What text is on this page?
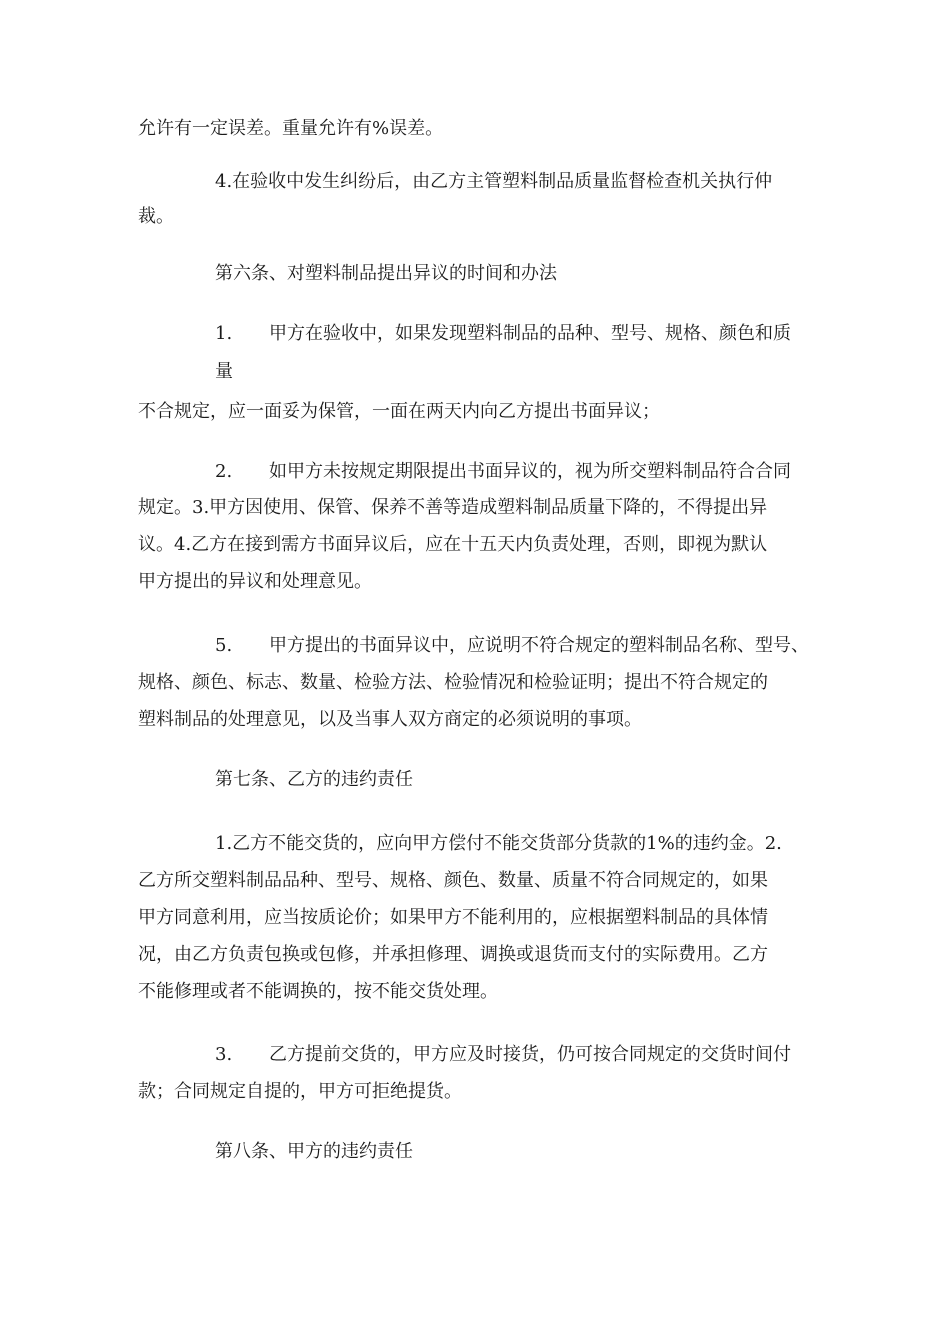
允许有一定误差。重量允许有%误差。
4.在验收中发生纠纷后，由乙方主管塑料制品质量监督检查机关执行仲
裁。
第六条、对塑料制品提出异议的时间和办法
1. 甲方在验收中，如果发现塑料制品的品种、型号、规格、颜色和质
量
不合规定，应一面妥为保管，一面在两天内向乙方提出书面异议；
2. 如甲方未按规定期限提出书面异议的，视为所交塑料制品符合合同
规定。3.甲方因使用、保管、保养不善等造成塑料制品质量下降的，不得提出异
议。4.乙方在接到需方书面异议后，应在十五天内负责处理，否则，即视为默认
甲方提出的异议和处理意见。
5. 甲方提出的书面异议中，应说明不符合规定的塑料制品名称、型号、
规格、颜色、标志、数量、检验方法、检验情况和检验证明；提出不符合规定的
塑料制品的处理意见，以及当事人双方商定的必须说明的事项。
第七条、乙方的违约责任
1.乙方不能交货的，应向甲方偿付不能交货部分货款的1%的违约金。2.
乙方所交塑料制品品种、型号、规格、颜色、数量、质量不符合同规定的，如果
甲方同意利用，应当按质论价；如果甲方不能利用的，应根据塑料制品的具体情
况，由乙方负责包换或包修，并承担修理、调换或退货而支付的实际费用。乙方
不能修理或者不能调换的，按不能交货处理。
3. 乙方提前交货的，甲方应及时接货，仍可按合同规定的交货时间付
款；合同规定自提的，甲方可拒绝提货。
第八条、甲方的违约责任
